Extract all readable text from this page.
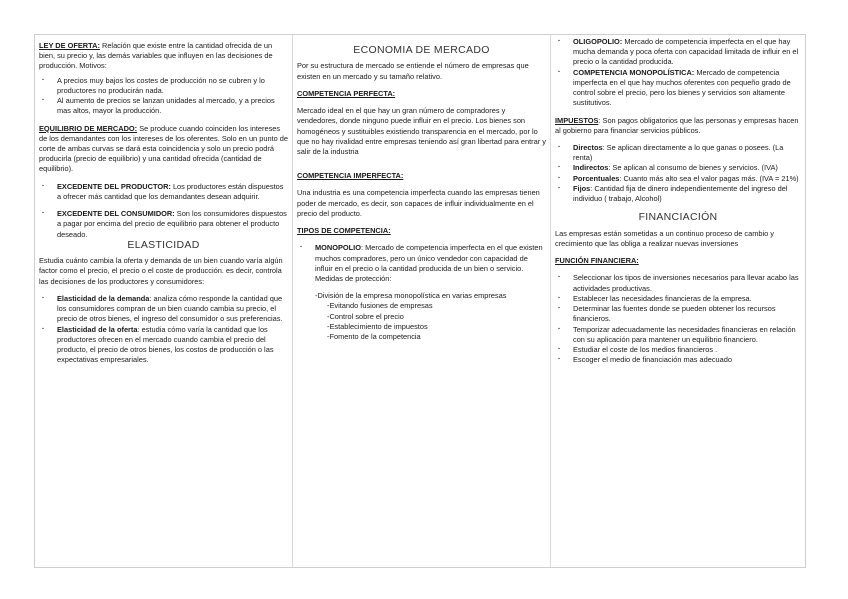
LEY DE OFERTA: Relación que existe entre la cantidad ofrecida de un bien, su precio y, las demás variables que influyen en las decisiones de producción. Motivos:

· A precios muy bajos los costes de producción no se cubren y lo productores no producirán nada.
· Al aumento de precios se lanzan unidades al mercado, y a precios mas altos, mayor la producción.

EQUILIBRIO DE MERCADO: Se produce cuando coinciden los intereses de los demandantes con los intereses de los oferentes. Solo en un punto de corte de ambas curvas se dará esta coincidencia y solo un precio podrá producirla (precio de equilibrio) y una cantidad ofrecida (cantidad de equilibrio).

· EXCEDENTE DEL PRODUCTOR: Los productores están dispuestos a ofrecer más cantidad que los demandantes desean adquirir.
· EXCEDENTE DEL CONSUMIDOR: Son los consumidores dispuestos a pagar por encima del precio de equilibrio para obtener el producto deseado.
ELASTICIDAD

Estudia cuánto cambia la oferta y demanda de un bien cuando varía algún factor como el precio, el precio o el coste de producción. es decir, controla las decisiones de los productores y consumidores:

· Elasticidad de la demanda: analiza cómo responde la cantidad que los consumidores compran de un bien cuando cambia su precio, el precio de otros bienes, el ingreso del consumidor o sus preferencias.
· Elasticidad de la oferta: estudia cómo varía la cantidad que los productores ofrecen en el mercado cuando cambia el precio del producto, el precio de otros bienes, los costos de producción o las expectativas empresariales.
ECONOMIA DE MERCADO

Por su estructura de mercado se entiende el número de empresas que existen en un mercado y su tamaño relativo.

COMPETENCIA PERFECTA:

Mercado ideal en el que hay un gran número de compradores y vendedores, donde ninguno puede influir en el precio. Los bienes son homogéneos y sustituibles existiendo transparencia en el mercado, por lo que no hay rivalidad entre empresas teniendo así gran libertad para entrar y salir de la industria

COMPETENCIA IMPERFECTA:

Una industria es una competencia imperfecta cuando las empresas tienen poder de mercado, es decir, son capaces de influir individualmente en el precio del producto.

TIPOS DE COMPETENCIA:

· MONOPOLIO: Mercado de competencia imperfecta en el que existen muchos compradores, pero un único vendedor con capacidad de influir en el precio o la cantidad producida de un bien o servicio. Medidas de protección:

-División de la empresa monopolística en varias empresas

-Evitando fusiones de empresas

-Control sobre el precio

-Establecimiento de impuestos

-Fomento de la competencia

· OLIGOPOLIO: Mercado de competencia imperfecta en el que hay mucha demanda y poca oferta con capacidad limitada de influir en el precio o la cantidad producida.
· COMPETENCIA MONOPOLÍSTICA: Mercado de competencia imperfecta en el que hay muchos oferentes con pequeño grado de control sobre el precio, pero los bienes y servicios son altamente sustitutivos.

IMPUESTOS: Son pagos obligatorios que las personas y empresas hacen al gobierno para financiar servicios públicos.

· Directos: Se aplican directamente a lo que ganas o posees. (La renta)
· Indirectos: Se aplican al consumo de bienes y servicios. (IVA)
· Porcentuales: Cuanto más alto sea el valor pagas más. (IVA = 21%)
· Fijos: Cantidad fija de dinero independientemente del ingreso del individuo ( trabajo, Alcohol)
FINANCIACIÓN

Las empresas están sometidas a un continuo proceso de cambio y crecimiento que las obliga a realizar nuevas inversiones

FUNCIÓN FINANCIERA:

· Seleccionar los tipos de inversiones necesarios para llevar acabo las actividades productivas.
· Establecer las necesidades financieras de la empresa.
· Determinar las fuentes donde se pueden obtener los recursos financieros.
· Temporizar adecuadamente las necesidades financieras en relación con su aplicación para mantener un equilibrio financiero.
· Estudiar el coste de los medios financieros .
· Escoger el medio de financiación mas adecuado
